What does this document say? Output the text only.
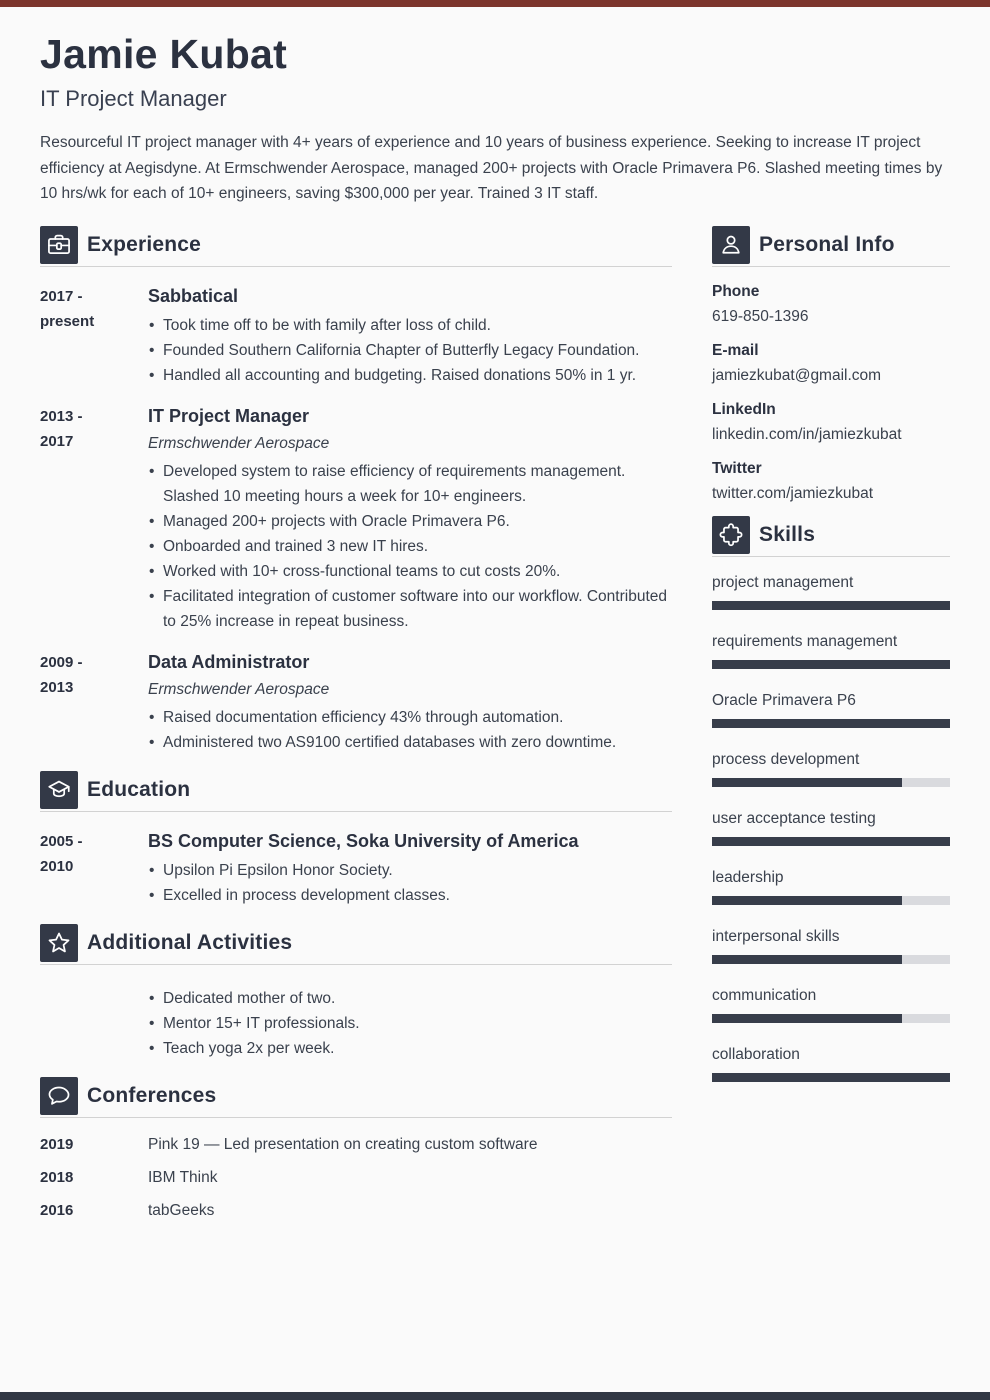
Jamie Kubat
IT Project Manager
Resourceful IT project manager with 4+ years of experience and 10 years of business experience. Seeking to increase IT project efficiency at Aegisdyne. At Ermschwender Aerospace, managed 200+ projects with Oracle Primavera P6. Slashed meeting times by 10 hrs/wk for each of 10+ engineers, saving $300,000 per year. Trained 3 IT staff.
Experience
2017 -
present
Sabbatical
• Took time off to be with family after loss of child.
• Founded Southern California Chapter of Butterfly Legacy Foundation.
• Handled all accounting and budgeting. Raised donations 50% in 1 yr.
2013 -
2017
IT Project Manager
Ermschwender Aerospace
• Developed system to raise efficiency of requirements management. Slashed 10 meeting hours a week for 10+ engineers.
• Managed 200+ projects with Oracle Primavera P6.
• Onboarded and trained 3 new IT hires.
• Worked with 10+ cross-functional teams to cut costs 20%.
• Facilitated integration of customer software into our workflow. Contributed to 25% increase in repeat business.
2009 -
2013
Data Administrator
Ermschwender Aerospace
• Raised documentation efficiency 43% through automation.
• Administered two AS9100 certified databases with zero downtime.
Education
2005 -
2010
BS Computer Science, Soka University of America
• Upsilon Pi Epsilon Honor Society.
• Excelled in process development classes.
Additional Activities
• Dedicated mother of two.
• Mentor 15+ IT professionals.
• Teach yoga 2x per week.
Conferences
2019	Pink 19 — Led presentation on creating custom software
2018	IBM Think
2016	tabGeeks
Personal Info
Phone
619-850-1396
E-mail
jamiezkubat@gmail.com
LinkedIn
linkedin.com/in/jamiezkubat
Twitter
twitter.com/jamiezkubat
Skills
project management
requirements management
Oracle Primavera P6
process development
user acceptance testing
leadership
interpersonal skills
communication
collaboration
